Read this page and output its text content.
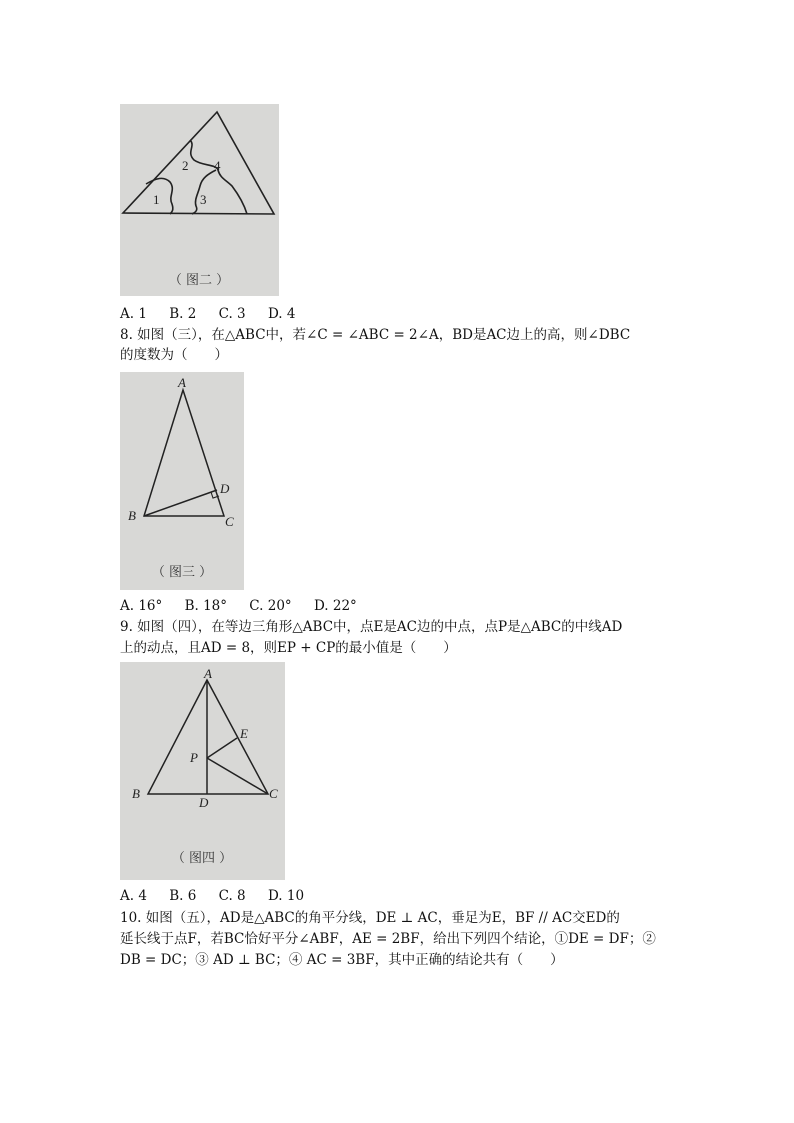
2 4
1	3
（ 图二 ）
A. 1 B. 2 C. 3 D. 4
8. 如图（三），在△ABC中，若∠C = ∠ABC = 2∠A，BD是AC边上的高，则∠DBC
的度数为（　　）
A
B	C
D
（ 图三 ）
A. 16° B. 18° C. 20° D. 22°
9. 如图（四），在等边三角形△ABC中，点E是AC边的中点，点P是△ABC的中线AD
上的动点，且AD = 8，则EP + CP的最小值是（　　）
A
B	C
D
E
P
（ 图四 ）
A. 4 B. 6 C. 8 D. 10
10. 如图（五），AD是△ABC的角平分线，DE ⊥ AC，垂足为E，BF // AC交ED的
延长线于点F，若BC恰好平分∠ABF，AE = 2BF，给出下列四个结论，①DE = DF；②
DB = DC；③ AD ⊥ BC；④ AC = 3BF，其中正确的结论共有（　　）
